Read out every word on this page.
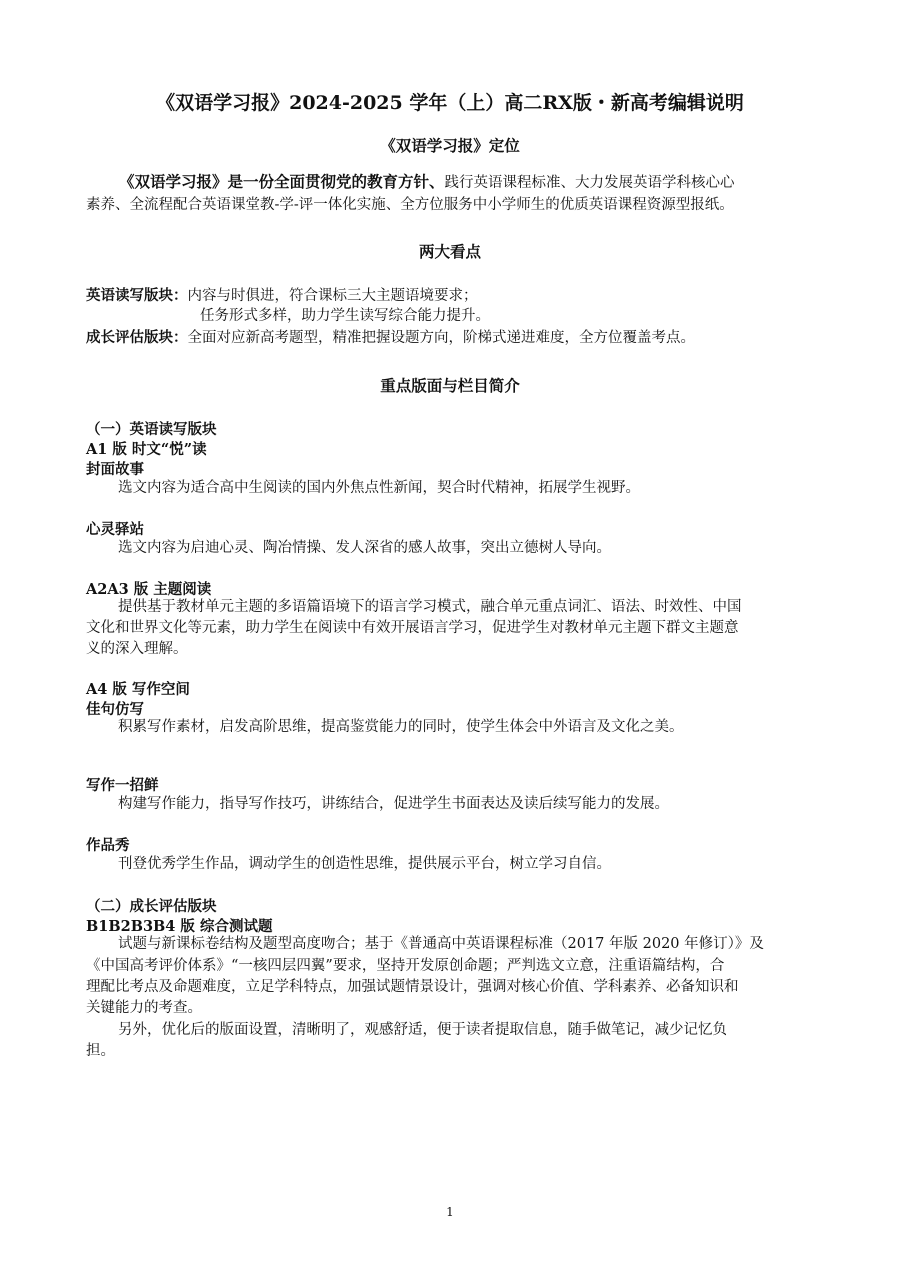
《双语学习报》2024-2025 学年（上）高二RX版・新高考编辑说明
《双语学习报》定位
《双语学习报》是一份全面贯彻党的教育方针、践行英语课程标准、大力发展英语学科核心心
素养、全流程配合英语课堂教-学-评一体化实施、全方位服务中小学师生的优质英语课程资源型报纸。
两大看点
英语读写版块：内容与时俱进，符合课标三大主题语境要求；
任务形式多样，助力学生读写综合能力提升。
成长评估版块：全面对应新高考题型，精准把握设题方向，阶梯式递进难度，全方位覆盖考点。
重点版面与栏目简介
（一）英语读写版块
A1 版 时文“悦”读
封面故事
选文内容为适合高中生阅读的国内外焦点性新闻，契合时代精神，拓展学生视野。
心灵驿站
选文内容为启迪心灵、陶冶情操、发人深省的感人故事，突出立德树人导向。
A2A3 版 主题阅读
提供基于教材单元主题的多语篇语境下的语言学习模式，融合单元重点词汇、语法、时效性、中国
文化和世界文化等元素，助力学生在阅读中有效开展语言学习，促进学生对教材单元主题下群文主题意
义的深入理解。
A4 版 写作空间
佳句仿写
积累写作素材，启发高阶思维，提高鉴赏能力的同时，使学生体会中外语言及文化之美。
写作一招鲜
构建写作能力，指导写作技巧，讲练结合，促进学生书面表达及读后续写能力的发展。
作品秀
刊登优秀学生作品，调动学生的创造性思维，提供展示平台，树立学习自信。
（二）成长评估版块
B1B2B3B4 版 综合测试题
试题与新课标卷结构及题型高度吻合；基于《普通高中英语课程标准（2017 年版 2020 年修订）》及
《中国高考评价体系》“一核四层四翼”要求，坚持开发原创命题；严判选文立意，注重语篇结构，合
理配比考点及命题难度，立足学科特点，加强试题情景设计，强调对核心价值、学科素养、必备知识和
关键能力的考查。
另外，优化后的版面设置，清晰明了，观感舒适，便于读者提取信息，随手做笔记，减少记忆负
担。
1
